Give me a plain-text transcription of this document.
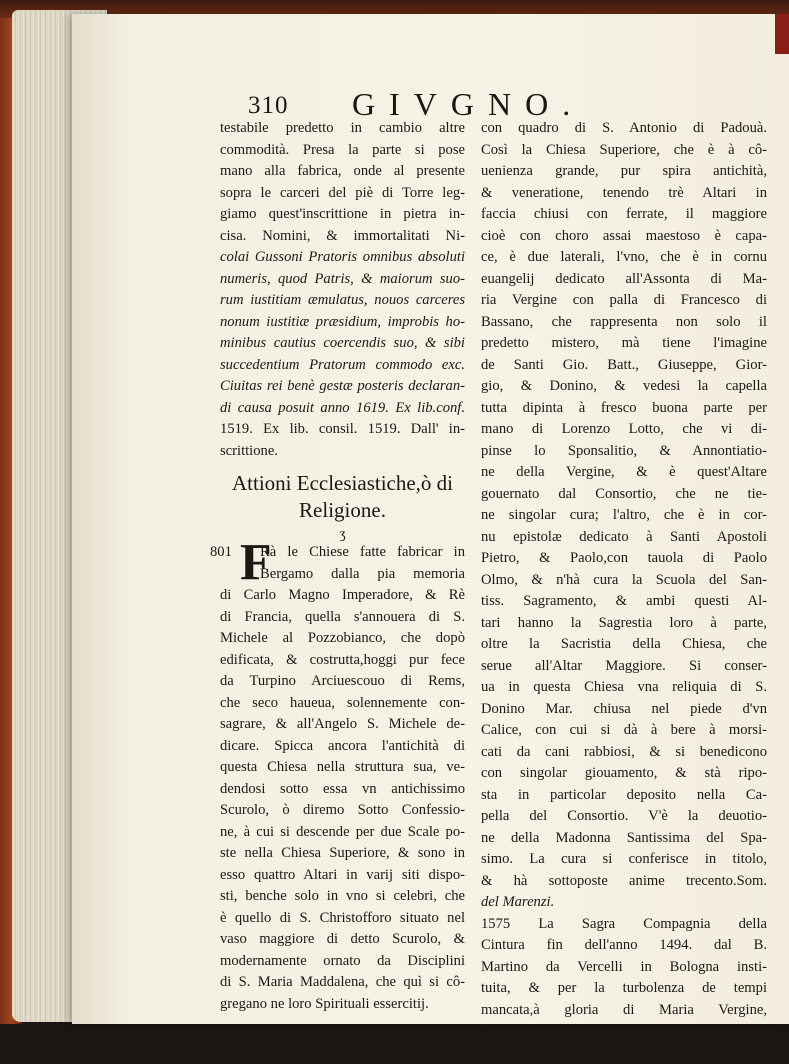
310 GIVGNO.
testabile predetto in cambio altre
commodità. Presa la parte si pose
mano alla fabrica, onde al presente
sopra le carceri del piè di Torre leg-
giamo quest'inscrittione in pietra in-
cisa. Nomini, & immortalitati Ni-
colai Gussoni Pratoris omnibus absoluti
numeris, quod Patris, & maiorum suo-
rum iustitiam æmulatus, nouos carceres
nonum iustitiæ præsidium, improbis ho-
minibus cautius coercendis suo, & sibi
succedentium Pratorum commodo exc.
Ciuitas rei benè gestæ posteris declaran-
di causa posuit anno 1619. Ex lib.conf.
1519. Ex lib. consil. 1519. Dall' in-
scrittione.
Attioni Ecclesiastiche,ò di
Religione.
ʒ
801 F
Rà le Chiese fatte fabricar in
Bergamo dalla pia memoria
di Carlo Magno Imperadore, & Rè
di Francia, quella s'annouera di S.
Michele al Pozzobianco, che dopò
edificata, & costrutta,hoggi pur fece
da Turpino Arciuescouo di Rems,
che seco haueua, solennemente con-
sagrare, & all'Angelo S. Michele de-
dicare. Spicca ancora l'antichità di
questa Chiesa nella struttura sua, ve-
dendosi sotto essa vn antichissimo
Scurolo, ò diremo Sotto Confessio-
ne, à cui si descende per due Scale po-
ste nella Chiesa Superiore, & sono in
esso quattro Altari in varij siti dispo-
sti, benche solo in vno si celebri, che
è quello di S. Christofforo situato nel
vaso maggiore di detto Scurolo, &
modernamente ornato da Disciplini
di S. Maria Maddalena, che quì si cô-
gregano ne loro Spirituali essercitij.
con quadro di S. Antonio di Padouà.
Così la Chiesa Superiore, che è à cô-
uenienza grande, pur spira antichità,
& veneratione, tenendo trè Altari in
faccia chiusi con ferrate, il maggiore
cioè con choro assai maestoso è capa-
ce, è due laterali, l'vno, che è in cornu
euangelij dedicato all'Assonta di Ma-
ria Vergine con palla di Francesco di
Bassano, che rappresenta non solo il
predetto mistero, mà tiene l'imagine
de Santi Gio. Batt., Giuseppe, Gior-
gio, & Donino, & vedesi la capella
tutta dipinta à fresco buona parte per
mano di Lorenzo Lotto, che vi di-
pinse lo Sponsalitio, & Annontiatio-
ne della Vergine, & è quest'Altare
gouernato dal Consortio, che ne tie-
ne singolar cura; l'altro, che è in cor-
nu epistolæ dedicato à Santi Apostoli
Pietro, & Paolo,con tauola di Paolo
Olmo, & n'hà cura la Scuola del San-
tiss. Sagramento, & ambi questi Al-
tari hanno la Sagrestia loro à parte,
oltre la Sacristia della Chiesa, che
serue all'Altar Maggiore. Si conser-
ua in questa Chiesa vna reliquia di S.
Donino Mar. chiusa nel piede d'vn
Calice, con cui si dà à bere à morsi-
cati da cani rabbiosi, & si benedicono
con singolar giouamento, & stà ripo-
sta in particolar deposito nella Ca-
pella del Consortio. V'è la deuotio-
ne della Madonna Santissima del Spa-
simo. La cura si conferisce in titolo,
& hà sottoposte anime trecento.Som.
del Marenzi.
1575 La Sagra Compagnia della
Cintura fin dell'anno 1494. dal B.
Martino da Vercelli in Bologna insti-
tuita, & per la turbolenza de tempi
mancata,à gloria di Maria Vergine,
P. S. Agostino,& M.S. Monica hoggi
il re-
